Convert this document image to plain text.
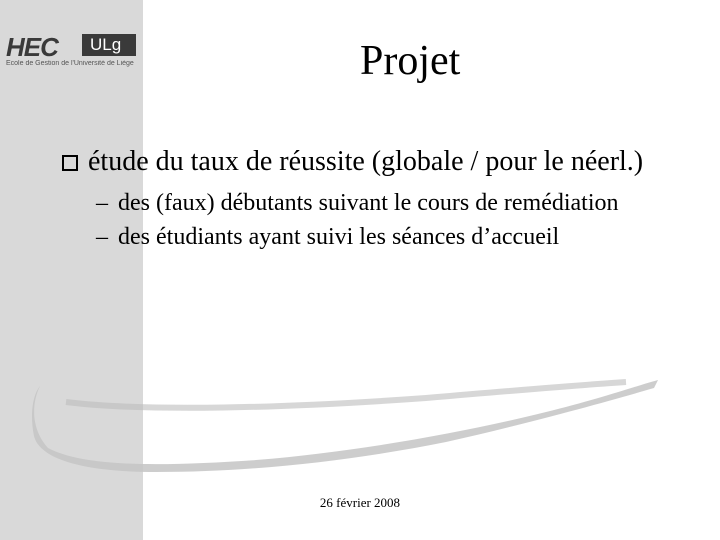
HEC	ULg
Ecole de Gestion de l'Université de Liège	Projet
étude du taux de réussite (globale / pour le néerl.)
– des (faux) débutants suivant le cours de remédiation
– des étudiants ayant suivi les séances d’accueil
26 février 2008
